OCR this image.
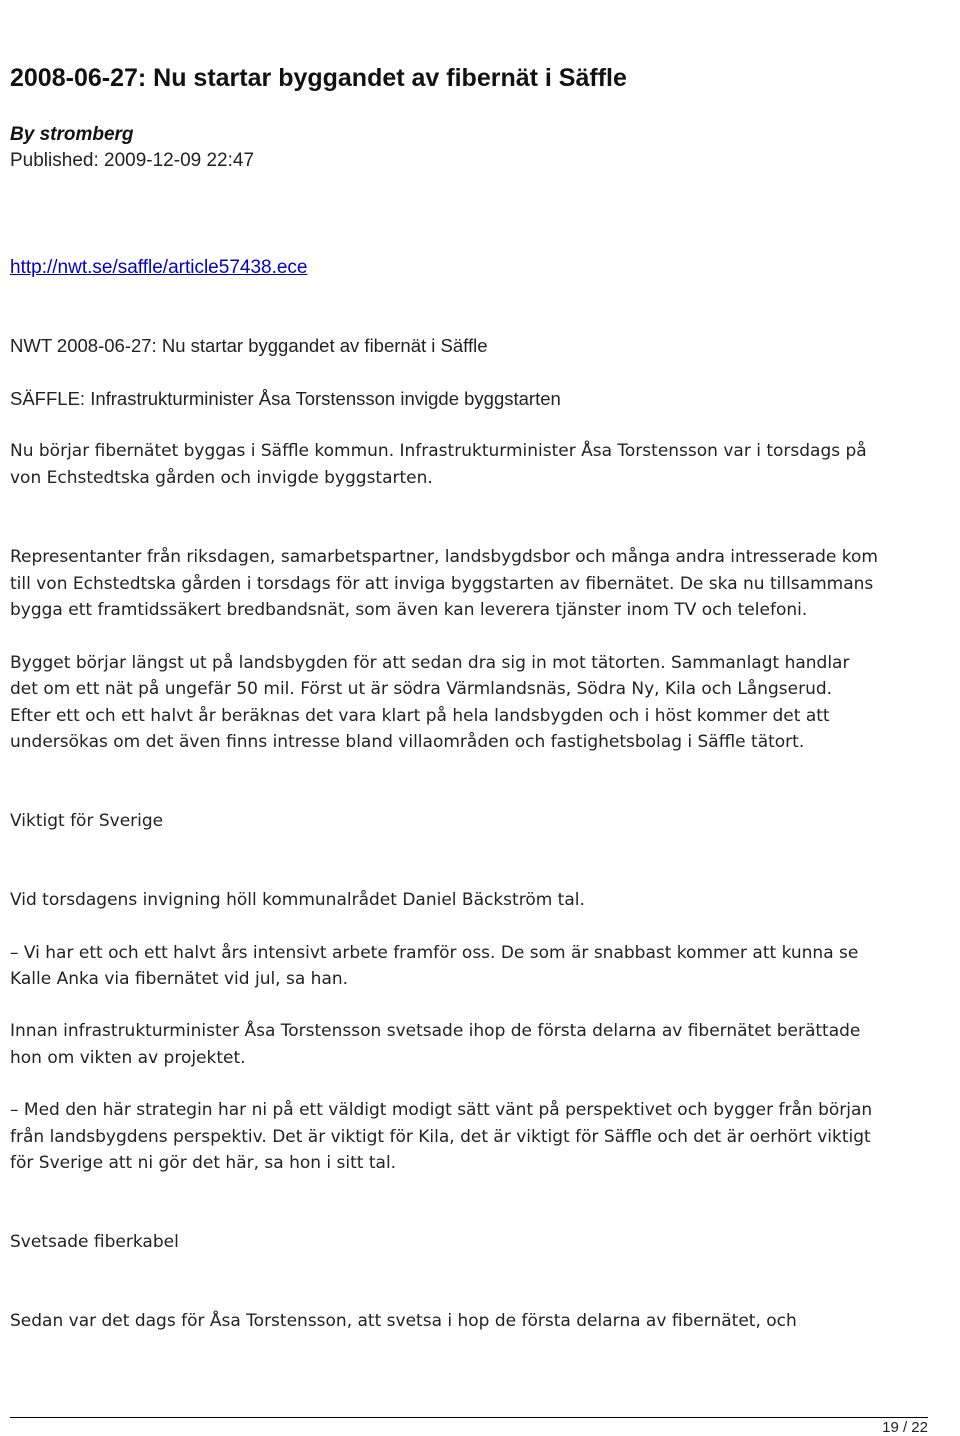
2008-06-27: Nu startar byggandet av fibernät i Säffle
By stromberg
Published: 2009-12-09 22:47
http://nwt.se/saffle/article57438.ece
NWT 2008-06-27: Nu startar byggandet av fibernät i Säffle
SÄFFLE: Infrastrukturminister Åsa Torstensson invigde byggstarten
Nu börjar fibernätet byggas i Säffle kommun. Infrastrukturminister Åsa Torstensson var i torsdags på
von Echstedtska gården och invigde byggstarten.
Representanter från riksdagen, samarbetspartner, landsbygdsbor och många andra intresserade kom
till von Echstedtska gården i torsdags för att inviga byggstarten av fibernätet. De ska nu tillsammans
bygga ett framtidssäkert bredbandsnät, som även kan leverera tjänster inom TV och telefoni.
Bygget börjar längst ut på landsbygden för att sedan dra sig in mot tätorten. Sammanlagt handlar
det om ett nät på ungefär 50 mil. Först ut är södra Värmlandsnäs, Södra Ny, Kila och Långserud.
Efter ett och ett halvt år beräknas det vara klart på hela landsbygden och i höst kommer det att
undersökas om det även finns intresse bland villaområden och fastighetsbolag i Säffle tätort.
Viktigt för Sverige
Vid torsdagens invigning höll kommunalrådet Daniel Bäckström tal.
– Vi har ett och ett halvt års intensivt arbete framför oss. De som är snabbast kommer att kunna se
Kalle Anka via fibernätet vid jul, sa han.
Innan infrastrukturminister Åsa Torstensson svetsade ihop de första delarna av fibernätet berättade
hon om vikten av projektet.
– Med den här strategin har ni på ett väldigt modigt sätt vänt på perspektivet och bygger från början
från landsbygdens perspektiv. Det är viktigt för Kila, det är viktigt för Säffle och det är oerhört viktigt
för Sverige att ni gör det här, sa hon i sitt tal.
Svetsade fiberkabel
Sedan var det dags för Åsa Torstensson, att svetsa i hop de första delarna av fibernätet, och
19 / 22
